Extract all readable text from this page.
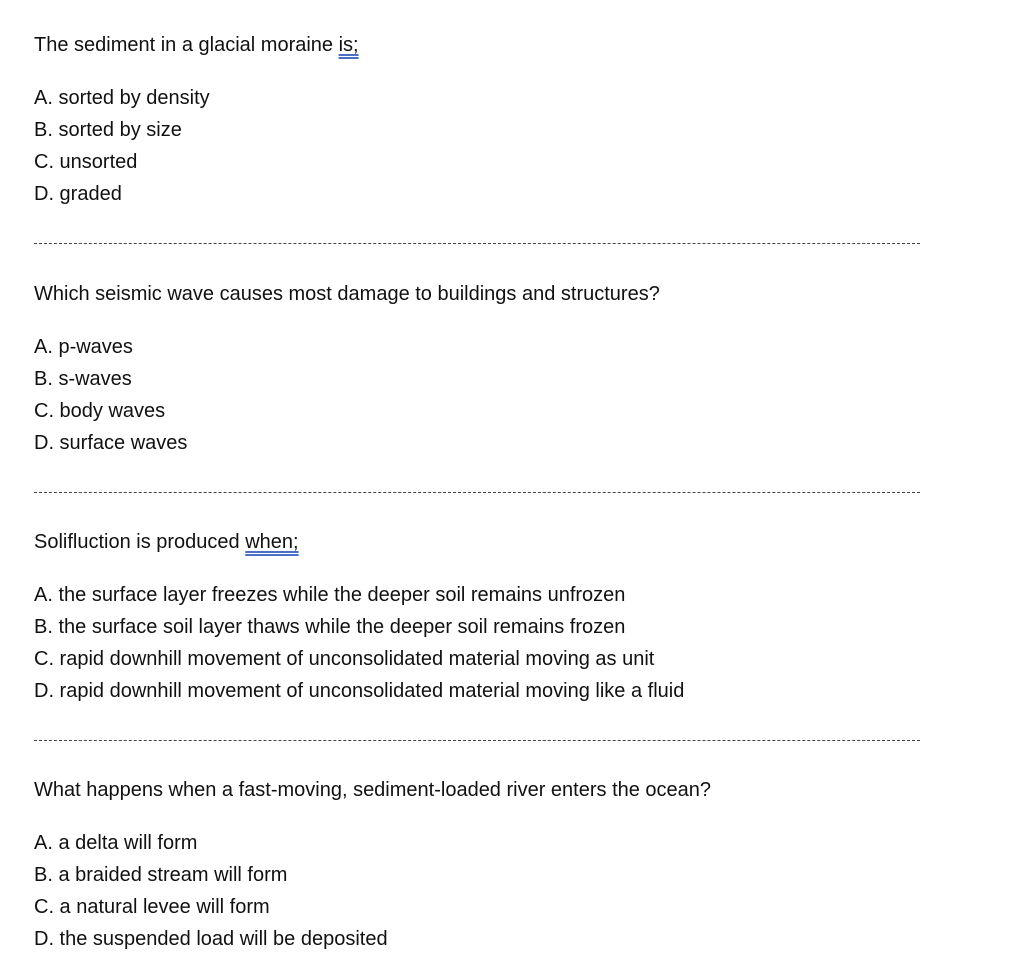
The sediment in a glacial moraine is;
A. sorted by density
B. sorted by size
C. unsorted
D. graded
Which seismic wave causes most damage to buildings and structures?
A. p-waves
B. s-waves
C. body waves
D. surface waves
Solifluction is produced when;
A. the surface layer freezes while the deeper soil remains unfrozen
B. the surface soil layer thaws while the deeper soil remains frozen
C. rapid downhill movement of unconsolidated material moving as unit
D. rapid downhill movement of unconsolidated material moving like a fluid
What happens when a fast-moving, sediment-loaded river enters the ocean?
A. a delta will form
B. a braided stream will form
C. a natural levee will form
D. the suspended load will be deposited
